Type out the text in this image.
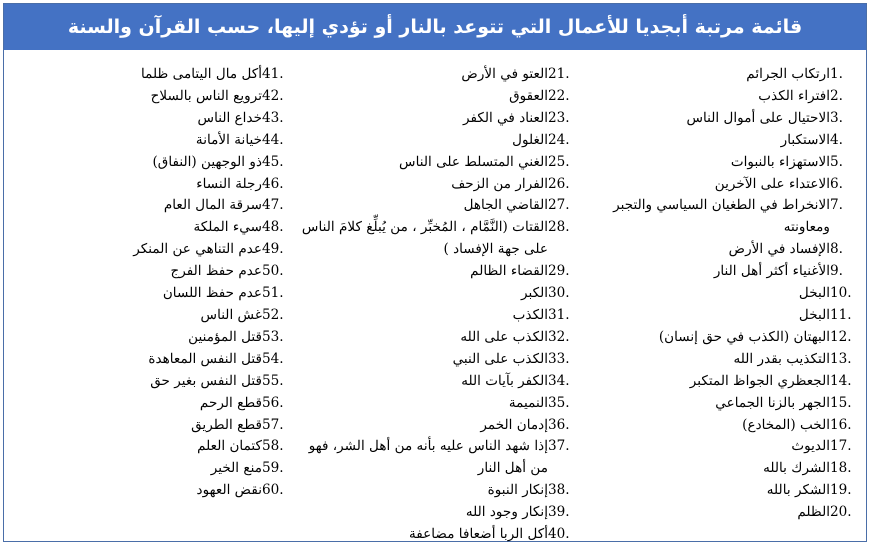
قائمة مرتبة أبجديا للأعمال التي تتوعد بالنار أو تؤدي إليها، حسب القرآن والسنة
1.
ارتكاب الجرائم
2.
افتراء الكذب
3.
الاحتيال على أموال الناس
4.
الاستكبار
5.
الاستهزاء بالنبوات
6.
الاعتداء على الآخرين
7.
الانخراط في الطغيان السياسي والتجبر ومعاونته
8.
الإفساد في الأرض
9.
الأغنياء أكثر أهل النار
10.
البخل
11.
البخل
12.
البهتان (الكذب في حق إنسان)
13.
التكذيب بقدر الله
14.
الجعظري الجواظ المتكبر
15.
الجهر بالزنا الجماعي
16.
الخب (المخادع)
17.
الديوث
18.
الشرك بالله
19.
الشكر بالله
20.
الظلم
21.
العتو في الأرض
22.
العقوق
23.
العناد في الكفر
24.
الغلول
25.
الغني المتسلط على الناس
26.
الفرار من الزحف
27.
القاضي الجاهل
28.
القتات (النَّمَّام ، المُخبِّر ، من يُبلِّغ كلامَ الناس على جهة الإفساد )
29.
القضاء الظالم
30.
الكبر
31.
الكذب
32.
الكذب على الله
33.
الكذب على النبي
34.
الكفر بآيات الله
35.
النميمة
36.
إدمان الخمر
37.
إذا شهد الناس عليه بأنه من أهل الشر، فهو من أهل النار
38.
إنكار النبوة
39.
إنكار وجود الله
40.
أكل الربا أضعافا مضاعفة
41.
أكل مال اليتامى ظلما
42.
ترويع الناس بالسلاح
43.
خداع الناس
44.
خيانة الأمانة
45.
ذو الوجهين (النفاق)
46.
رجلة النساء
47.
سرقة المال العام
48.
سيء الملكة
49.
عدم التناهي عن المنكر
50.
عدم حفظ الفرج
51.
عدم حفظ اللسان
52.
غش الناس
53.
قتل المؤمنين
54.
قتل النفس المعاهدة
55.
قتل النفس بغير حق
56.
قطع الرحم
57.
قطع الطريق
58.
كتمان العلم
59.
منع الخير
60.
نقض العهود
